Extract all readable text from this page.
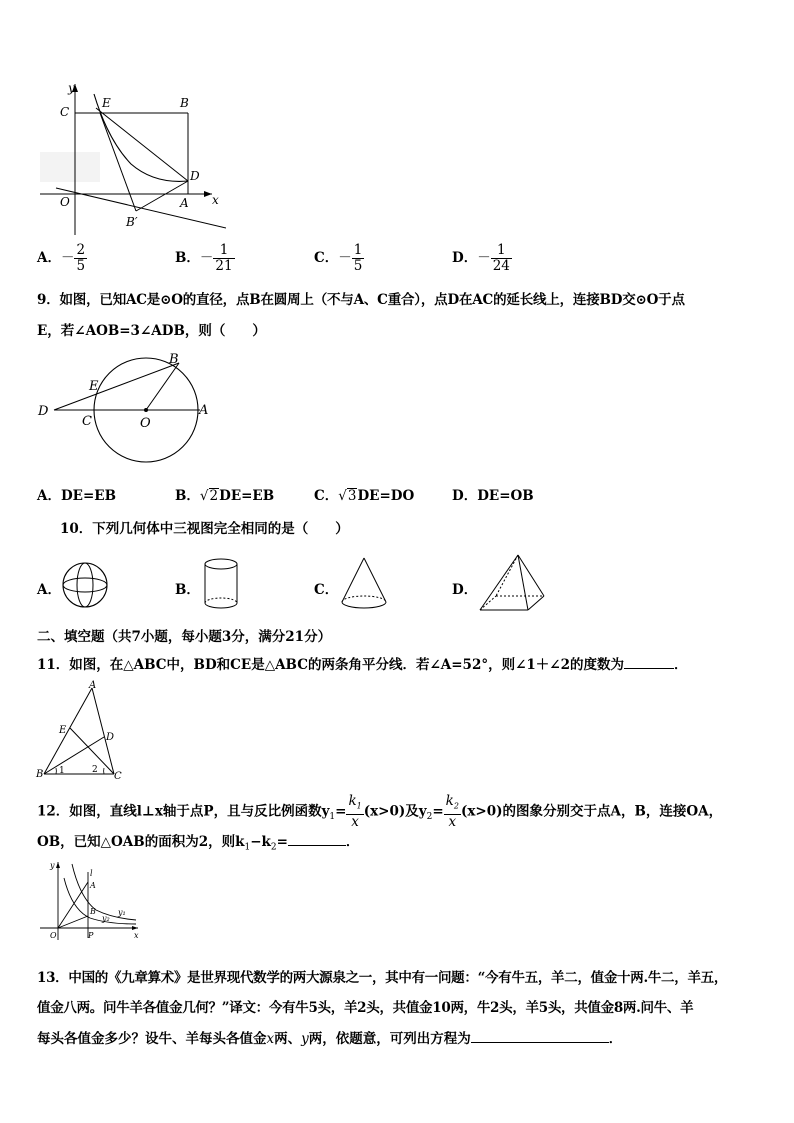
y
x
C
E	B
D
O	A
B′
A．－ $\frac{2}{5}$	B．－ $\frac{1}{21}$	C．－ $\frac{1}{5}$	D．－ $\frac{1}{24}$
9．如图，已知AC是⊙O的直径，点B在圆周上（不与A、C重合），点D在AC的延长线上，连接BD交⊙O于点
E，若∠AOB=3∠ADB，则（　　）
B
E
D
C	O
A
A．DE=EB	B．√2DE=EB	C．√3DE=DO	D．DE=OB
10．下列几何体中三视图完全相同的是（　　）
A．	B．	C．	D．
二、填空题（共7小题，每小题3分，满分21分）
11．如图，在△ABC中，BD和CE是△ABC的两条角平分线．若∠A=52°，则∠1＋∠2的度数为	．
A
E
D
B	C
1	2
12．如图，直线l⊥x轴于点P，且与反比例函数$y_1= \frac{k_1}{x} (x>0)$及$y_2= \frac{k_2}{x} (x>0)$的图象分别交于点A，B，连接OA，
OB，已知△OAB的面积为2，则$k_1-k_2=$	．
y
l
A
B	y₁
y₂
O	P	x
13．中国的《九章算术》是世界现代数学的两大源泉之一，其中有一问题：“今有牛五，羊二，值金十两.牛二，羊五，
值金八两。问牛羊各值金几何？”译文：今有牛5头，羊2头，共值金10两，牛2头，羊5头，共值金8两.问牛、羊
每头各值金多少？设牛、羊每头各值金x两、y两，依题意，可列出方程为	．
